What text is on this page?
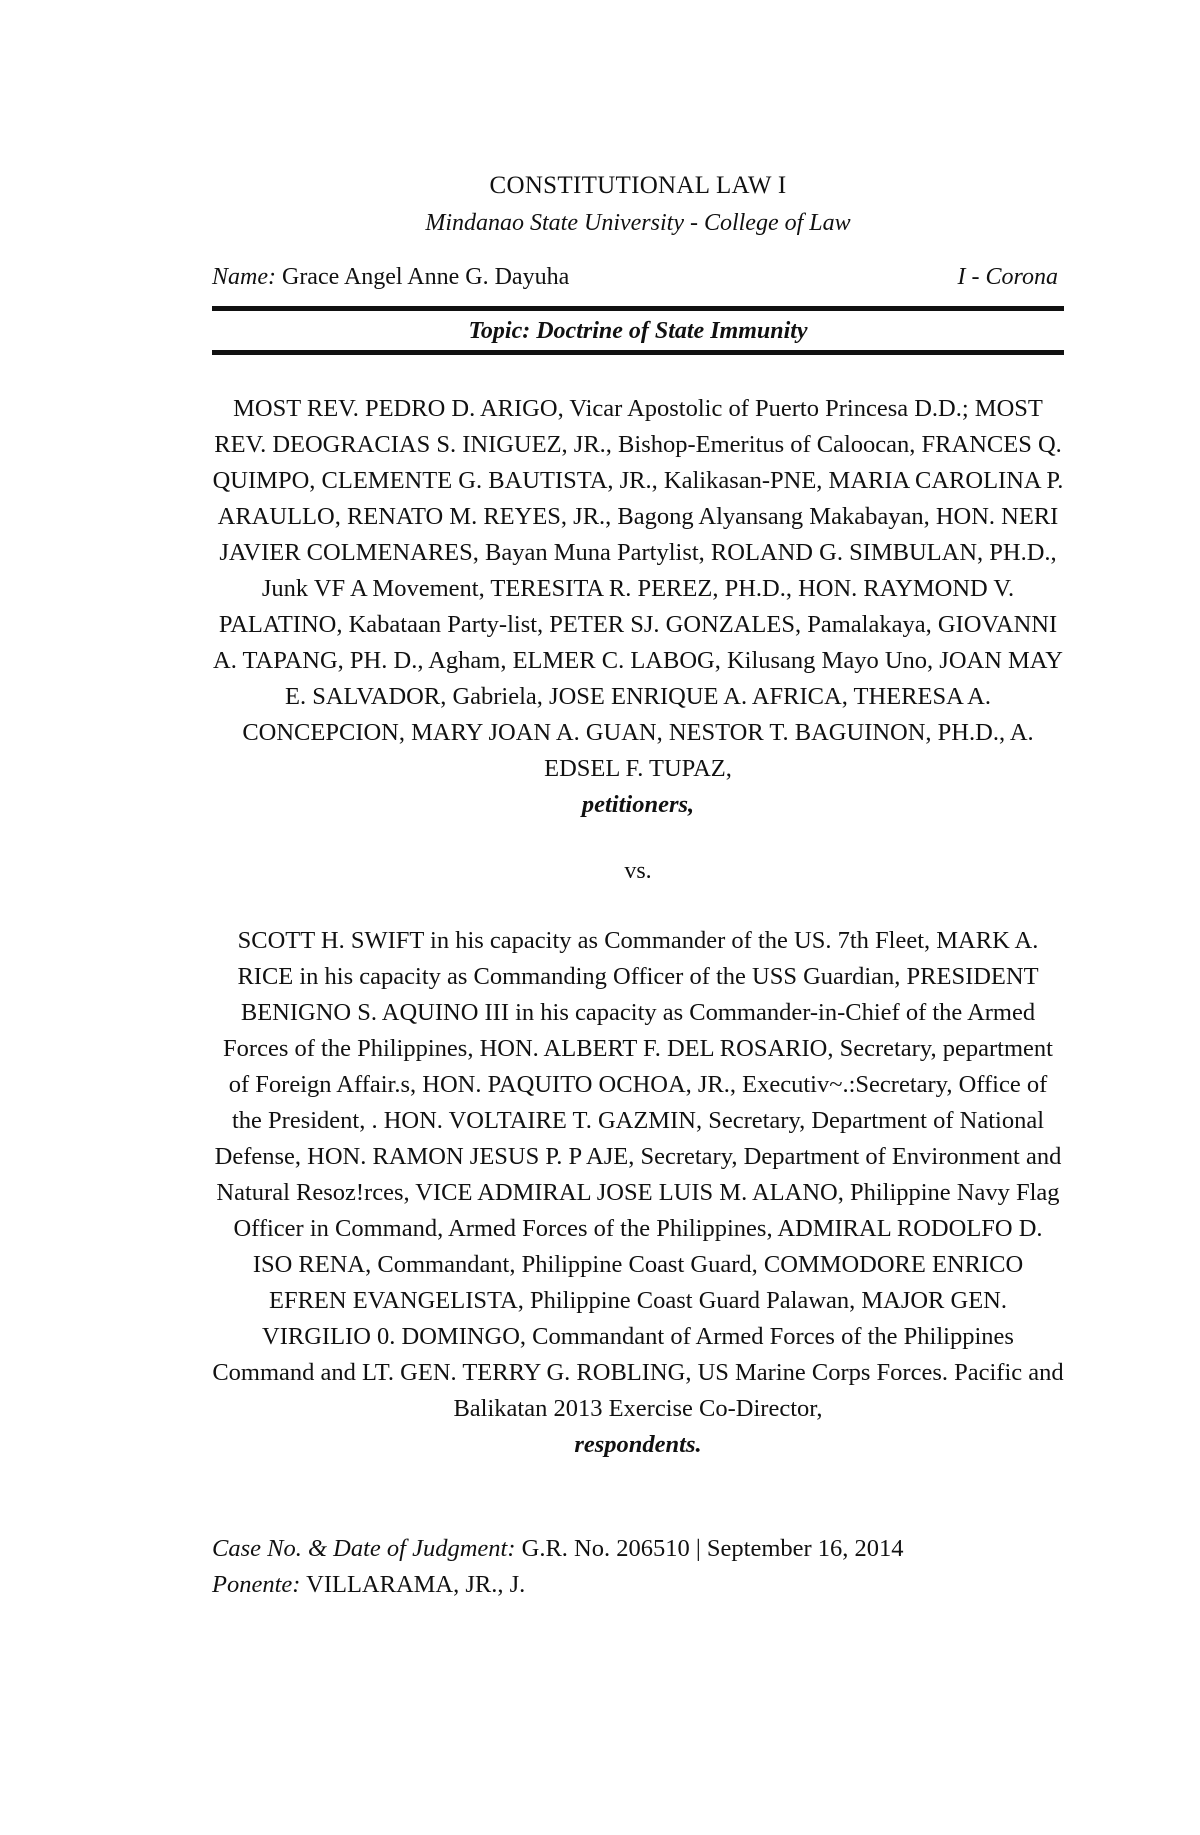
CONSTITUTIONAL LAW I
Mindanao State University - College of Law
Name: Grace Angel Anne G. Dayuha	I - Corona
Topic: Doctrine of State Immunity
MOST REV. PEDRO D. ARIGO, Vicar Apostolic of Puerto Princesa D.D.; MOST REV. DEOGRACIAS S. INIGUEZ, JR., Bishop-Emeritus of Caloocan, FRANCES Q. QUIMPO, CLEMENTE G. BAUTISTA, JR., Kalikasan-PNE, MARIA CAROLINA P. ARAULLO, RENATO M. REYES, JR., Bagong Alyansang Makabayan, HON. NERI JAVIER COLMENARES, Bayan Muna Partylist, ROLAND G. SIMBULAN, PH.D., Junk VF A Movement, TERESITA R. PEREZ, PH.D., HON. RAYMOND V. PALATINO, Kabataan Party-list, PETER SJ. GONZALES, Pamalakaya, GIOVANNI A. TAPANG, PH. D., Agham, ELMER C. LABOG, Kilusang Mayo Uno, JOAN MAY E. SALVADOR, Gabriela, JOSE ENRIQUE A. AFRICA, THERESA A. CONCEPCION, MARY JOAN A. GUAN, NESTOR T. BAGUINON, PH.D., A. EDSEL F. TUPAZ,
petitioners,
vs.
SCOTT H. SWIFT in his capacity as Commander of the US. 7th Fleet, MARK A. RICE in his capacity as Commanding Officer of the USS Guardian, PRESIDENT BENIGNO S. AQUINO III in his capacity as Commander-in-Chief of the Armed Forces of the Philippines, HON. ALBERT F. DEL ROSARIO, Secretary, pepartment of Foreign Affair.s, HON. PAQUITO OCHOA, JR., Executiv~.:Secretary, Office of the President, . HON. VOLTAIRE T. GAZMIN, Secretary, Department of National Defense, HON. RAMON JESUS P. P AJE, Secretary, Department of Environment and Natural Resoz!rces, VICE ADMIRAL JOSE LUIS M. ALANO, Philippine Navy Flag Officer in Command, Armed Forces of the Philippines, ADMIRAL RODOLFO D. ISO RENA, Commandant, Philippine Coast Guard, COMMODORE ENRICO EFREN EVANGELISTA, Philippine Coast Guard Palawan, MAJOR GEN. VIRGILIO 0. DOMINGO, Commandant of Armed Forces of the Philippines Command and LT. GEN. TERRY G. ROBLING, US Marine Corps Forces. Pacific and Balikatan 2013 Exercise Co-Director,
respondents.
Case No. & Date of Judgment: G.R. No. 206510 | September 16, 2014
Ponente: VILLARAMA, JR., J.
